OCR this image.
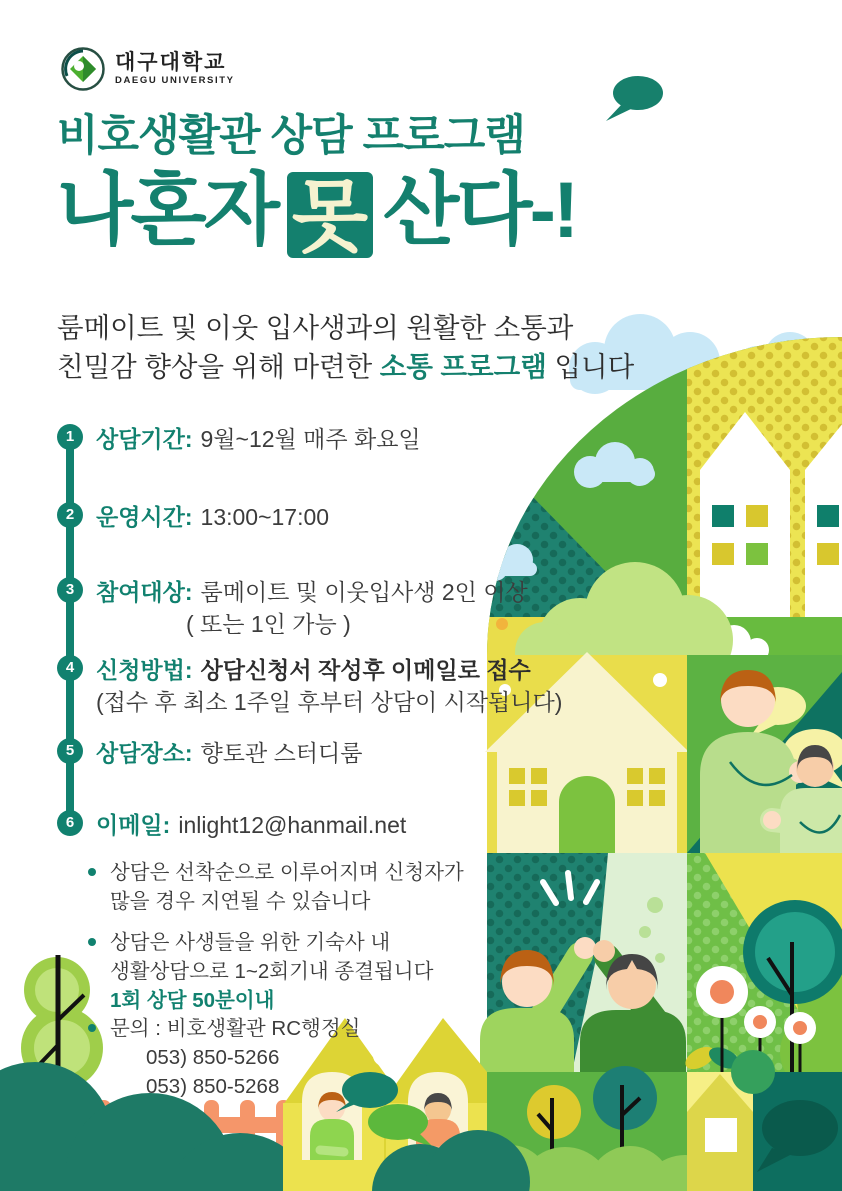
대구대학교
DAEGU UNIVERSITY
비호생활관 상담 프로그램
나혼자 못 산다-!
룸메이트 및 이웃 입사생과의 원활한 소통과
친밀감 향상을 위해 마련한 소통 프로그램 입니다
1 상담기간: 9월~12월 매주 화요일
2 운영시간: 13:00~17:00
3 참여대상: 룸메이트 및 이웃입사생 2인 이상
( 또는 1인 가능 )
4 신청방법: 상담신청서 작성후 이메일로 접수
(접수 후 최소 1주일 후부터 상담이 시작됩니다)
5 상담장소: 향토관 스터디룸
6 이메일: inlight12@hanmail.net
상담은 선착순으로 이루어지며 신청자가
많을 경우 지연될 수 있습니다
상담은 사생들을 위한 기숙사 내
생활상담으로 1~2회기내 종결됩니다
1회 상담 50분이내
문의 : 비호생활관 RC행정실
053) 850-5266
053) 850-5268
